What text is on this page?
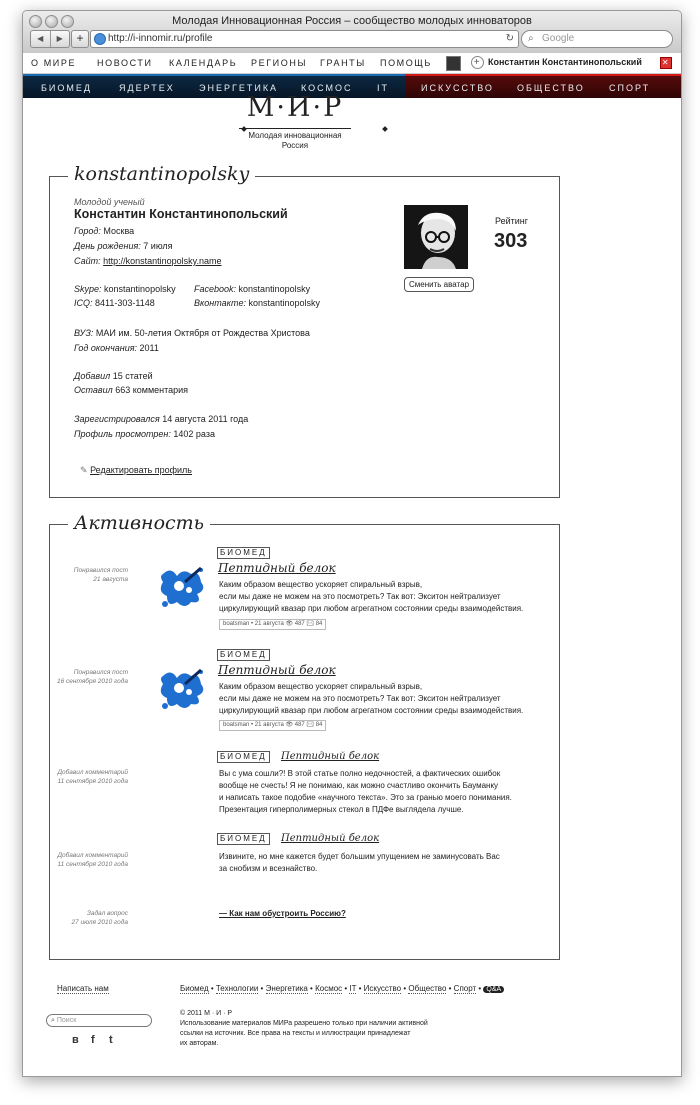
Молодая Инновационная Россия – сообщество молодых инноваторов
◀	▶	+	http://i-innomir.ru/profile	↻ ⌕ Google
О МИРЕ НОВОСТИ КАЛЕНДАРЬ РЕГИОНЫ ГРАНТЫ ПОМОЩЬ	+ Константин Константинопольский ✕
БИОМЕД	ЯДЕРТЕХ	ЭНЕРГЕТИКА	КОСМОС	IT	ИСКУССТВО	ОБЩЕСТВО	СПОРТ
М·И·Р
Молодая инновационная
Россия
konstantinopolsky
Молодой ученый
Константин Константинопольский
Город: Москва
День рождения: 7 июля
Сайт: http://konstantinopolsky.name
Skype: konstantinopolsky
ICQ: 8411-303-1148
Facebook: konstantinopolsky
Вконтакте: konstantinopolsky
ВУЗ: МАИ им. 50-летия Октября от Рождества Христова
Год окончания: 2011
Добавил 15 статей
Оставил 663 комментария
Зарегистрировался 14 августа 2011 года
Профиль просмотрен: 1402 раза
✎ Редактировать профиль
Сменить аватар
Рейтинг
303
Активность
Понравился пост
21 августа
БИОМЕД
Пептидный белок
Каким образом вещество ускоряет спиральный взрыв,
если мы даже не можем на это посмотреть? Так вот: Экситон нейтрализует
циркулирующий квазар при любом агрегатном состоянии среды взаимодействия.
boatsman • 21 августа 👁 487 ✉ 84
Понравился пост
16 сентября 2010 года
БИОМЕД
Пептидный белок
Каким образом вещество ускоряет спиральный взрыв,
если мы даже не можем на это посмотреть? Так вот: Экситон нейтрализует
циркулирующий квазар при любом агрегатном состоянии среды взаимодействия.
boatsman • 21 августа 👁 487 ✉ 84
Добавил комментарий
11 сентября 2010 года
БИОМЕД	Пептидный белок
Вы с ума сошли?! В этой статье полно недочностей, а фактических ошибок
вообще не счесть! Я не понимаю, как можно счастливо окончить Бауманку
и написать такое подобие «научного текста». Это за гранью моего понимания.
Презентация гиперполимерных стекол в ПДФе выглядела лучше.
Добавил комментарий
11 сентября 2010 года
БИОМЕД	Пептидный белок
Извините, но мне кажется будет большим упущением не заминусовать Вас
за снобизм и всезнайство.
Задал вопрос
27 июля 2010 года
— Как нам обустроить Россию?
Написать нам	Биомед • Технологии • Энергетика • Космос • IT • Искусство • Общество • Спорт • Q&A
⌕ Поиск
в f t
© 2011 М · И · Р
Использование материалов МИРа разрешено только при наличии активной
ссылки на источник. Все права на тексты и иллюстрации принадлежат
их авторам.
